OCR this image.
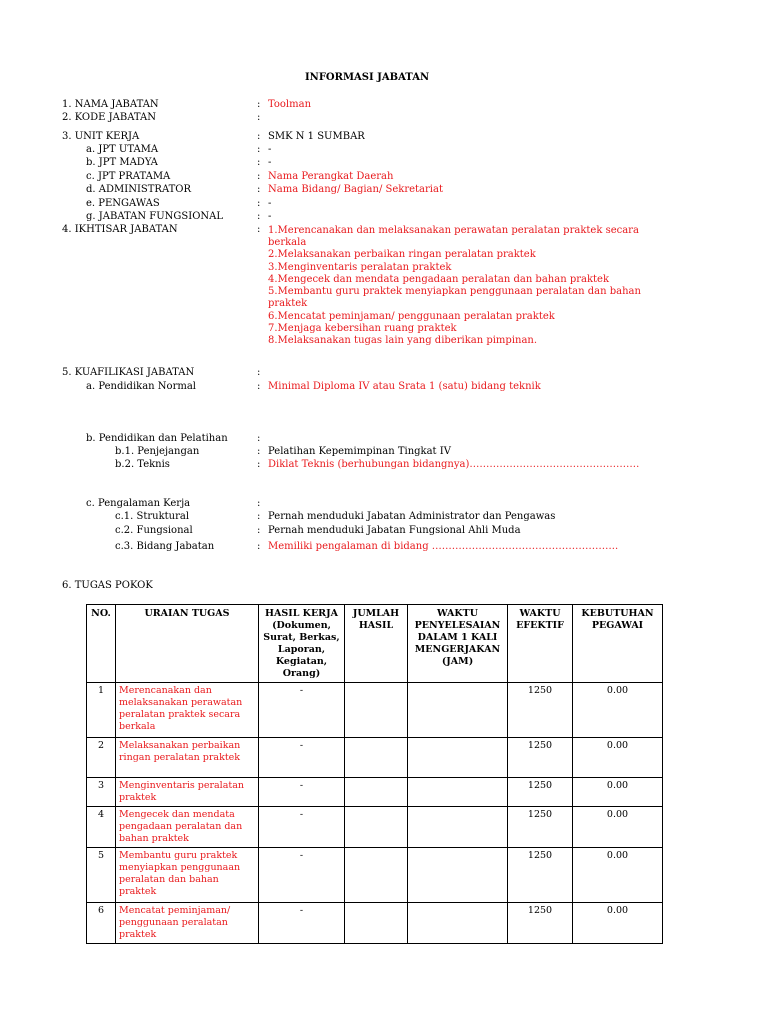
INFORMASI JABATAN
1. NAMA JABATAN	: Toolman
2. KODE JABATAN	:
3. UNIT KERJA	: SMK N 1 SUMBAR
a. JPT UTAMA	: -
b. JPT MADYA	: -
c. JPT PRATAMA	: Nama Perangkat Daerah
d. ADMINISTRATOR	: Nama Bidang/ Bagian/ Sekretariat
e. PENGAWAS	: -
g. JABATAN FUNGSIONAL	: -
4. IKHTISAR JABATAN	: 1.Merencanakan dan melaksanakan perawatan peralatan praktek secara
berkala
2.Melaksanakan perbaikan ringan peralatan praktek
3.Menginventaris peralatan praktek
4.Mengecek dan mendata pengadaan peralatan dan bahan praktek
5.Membantu guru praktek menyiapkan penggunaan peralatan dan bahan
praktek
6.Mencatat peminjaman/ penggunaan peralatan praktek
7.Menjaga kebersihan ruang praktek
8.Melaksanakan tugas lain yang diberikan pimpinan.
5. KUAFILIKASI JABATAN	:
a. Pendidikan Normal	: Minimal Diploma IV atau Srata 1 (satu) bidang teknik
b. Pendidikan dan Pelatihan	:
b.1. Penjejangan	: Pelatihan Kepemimpinan Tingkat IV
b.2. Teknis	: Diklat Teknis (berhubungan bidangnya)……………………………………………
c. Pengalaman Kerja	:
c.1. Struktural	: Pernah menduduki Jabatan Administrator dan Pengawas
c.2. Fungsional	: Pernah menduduki Jabatan Fungsional Ahli Muda
c.3. Bidang Jabatan	: Memiliki pengalaman di bidang ………………………………………………..
6. TUGAS POKOK
NO.	URAIAN TUGAS	HASIL KERJA (Dokumen, Surat, Berkas, Laporan, Kegiatan, Orang)	JUMLAH HASIL	WAKTU PENYELESAIAN DALAM 1 KALI MENGERJAKAN (JAM)	WAKTU EFEKTIF	KEBUTUHAN PEGAWAI
1	Merencanakan dan melaksanakan perawatan peralatan praktek secara berkala	-			1250	0.00
2	Melaksanakan perbaikan ringan peralatan praktek	-			1250	0.00
3	Menginventaris peralatan praktek	-			1250	0.00
4	Mengecek dan mendata pengadaan peralatan dan bahan praktek	-			1250	0.00
5	Membantu guru praktek menyiapkan penggunaan peralatan dan bahan praktek	-			1250	0.00
6	Mencatat peminjaman/ penggunaan peralatan praktek	-			1250	0.00
